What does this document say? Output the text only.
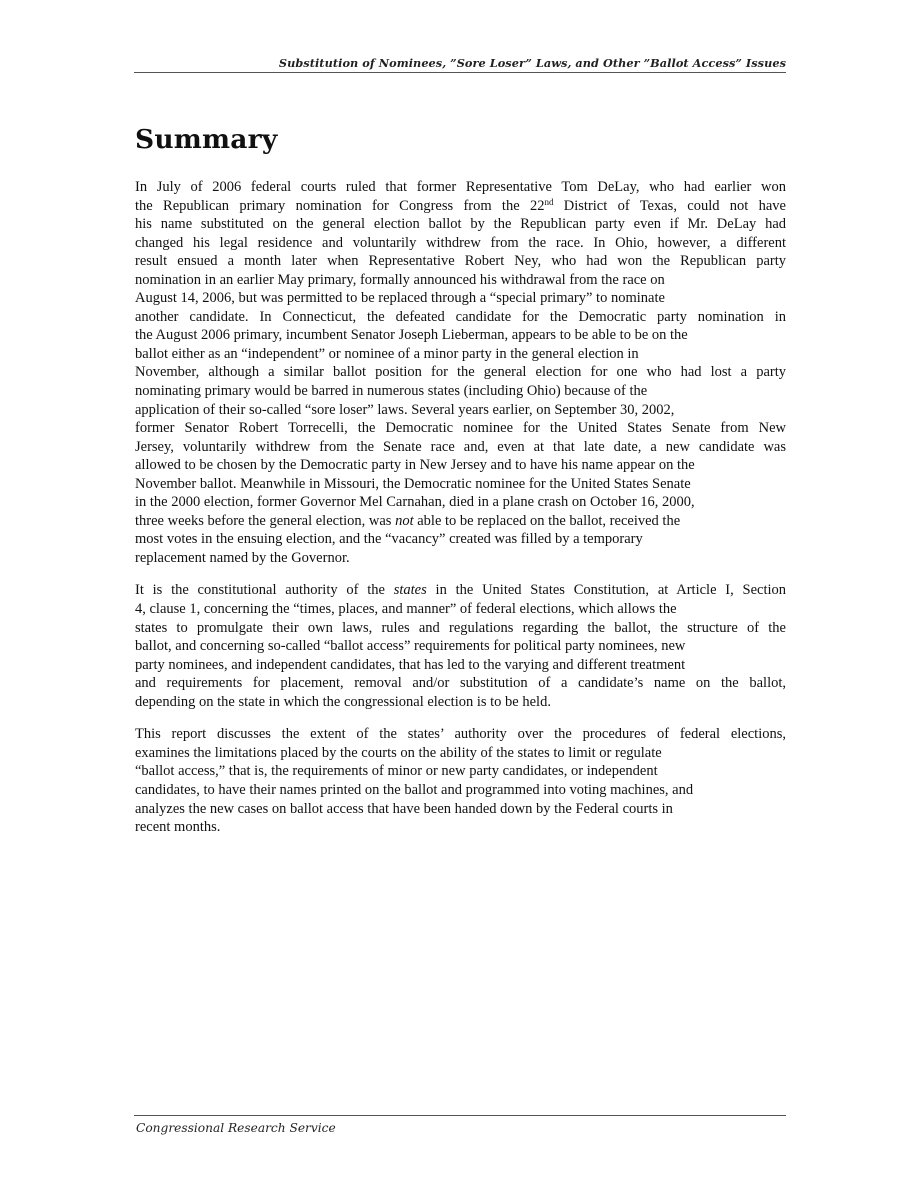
Substitution of Nominees, ”Sore Loser” Laws, and Other ”Ballot Access” Issues
Summary

In July of 2006 federal courts ruled that former Representative Tom DeLay, who had earlier won
the Republican primary nomination for Congress from the 22nd District of Texas, could not have
his name substituted on the general election ballot by the Republican party even if Mr. DeLay had
changed his legal residence and voluntarily withdrew from the race. In Ohio, however, a different
result ensued a month later when Representative Robert Ney, who had won the Republican party
nomination in an earlier May primary, formally announced his withdrawal from the race on
August 14, 2006, but was permitted to be replaced through a “special primary” to nominate
another candidate. In Connecticut, the defeated candidate for the Democratic party nomination in
the August 2006 primary, incumbent Senator Joseph Lieberman, appears to be able to be on the
ballot either as an “independent” or nominee of a minor party in the general election in
November, although a similar ballot position for the general election for one who had lost a party
nominating primary would be barred in numerous states (including Ohio) because of the
application of their so-called “sore loser” laws. Several years earlier, on September 30, 2002,
former Senator Robert Torrecelli, the Democratic nominee for the United States Senate from New
Jersey, voluntarily withdrew from the Senate race and, even at that late date, a new candidate was
allowed to be chosen by the Democratic party in New Jersey and to have his name appear on the
November ballot. Meanwhile in Missouri, the Democratic nominee for the United States Senate
in the 2000 election, former Governor Mel Carnahan, died in a plane crash on October 16, 2000,
three weeks before the general election, was not able to be replaced on the ballot, received the
most votes in the ensuing election, and the “vacancy” created was filled by a temporary
replacement named by the Governor.

It is the constitutional authority of the states in the United States Constitution, at Article I, Section
4, clause 1, concerning the “times, places, and manner” of federal elections, which allows the
states to promulgate their own laws, rules and regulations regarding the ballot, the structure of the
ballot, and concerning so-called “ballot access” requirements for political party nominees, new
party nominees, and independent candidates, that has led to the varying and different treatment
and requirements for placement, removal and/or substitution of a candidate’s name on the ballot,
depending on the state in which the congressional election is to be held.

This report discusses the extent of the states’ authority over the procedures of federal elections,
examines the limitations placed by the courts on the ability of the states to limit or regulate
“ballot access,” that is, the requirements of minor or new party candidates, or independent
candidates, to have their names printed on the ballot and programmed into voting machines, and
analyzes the new cases on ballot access that have been handed down by the Federal courts in
recent months.

Congressional Research Service
